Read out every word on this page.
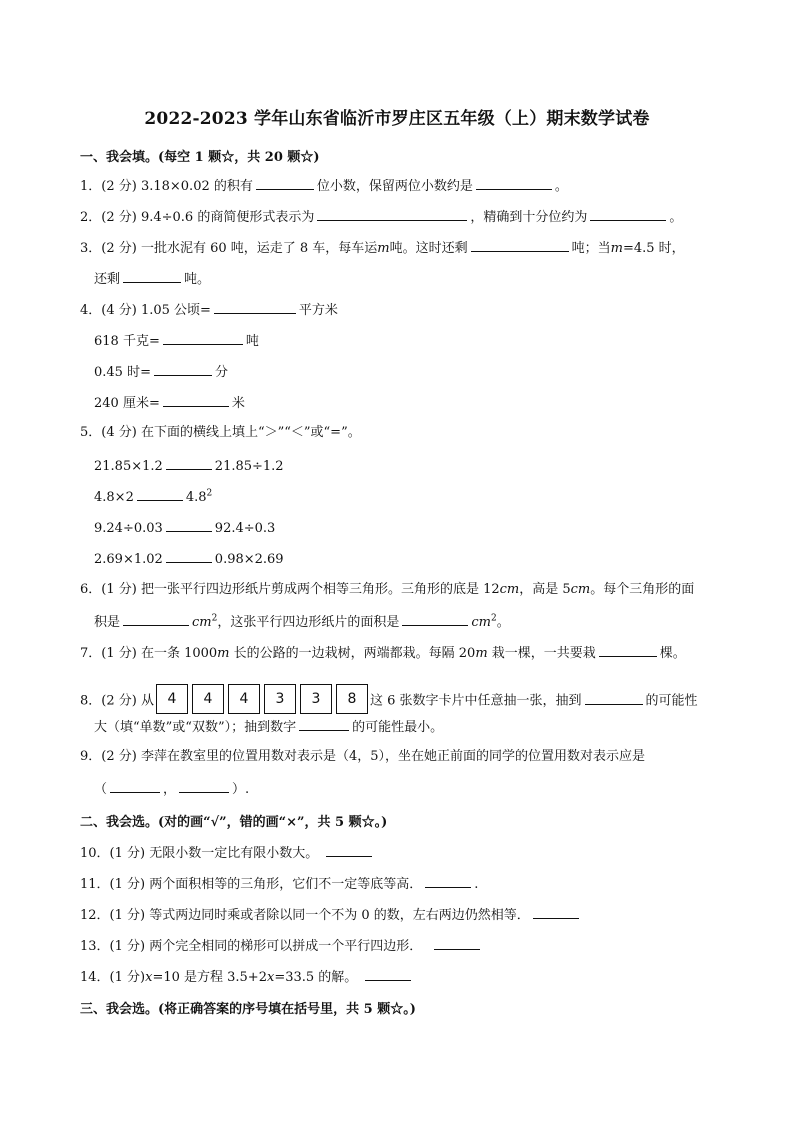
2022-2023 学年山东省临沂市罗庄区五年级（上）期末数学试卷
一、我会填。(每空 1 颗☆，共 20 颗☆)
1．(2 分) 3.18×0.02 的积有	位小数，保留两位小数约是	。
2．(2 分) 9.4÷0.6 的商简便形式表示为	，精确到十分位约为	。
3．(2 分) 一批水泥有 60 吨，运走了 8 车，每车运m吨。这时还剩	吨；当m=4.5 时，
还剩	吨。
4．(4 分) 1.05 公顷=	平方米
618 千克=	吨
0.45 时=	分
240 厘米=	米
5．(4 分) 在下面的横线上填上“＞”“＜”或“=”。
21.85×1.2	21.85÷1.2
4.8×2	$4.8^2$
9.24÷0.03	92.4÷0.3
2.69×1.02	0.98×2.69
6．(1 分) 把一张平行四边形纸片剪成两个相等三角形。三角形的底是 12cm，高是 5cm。每个三角形的面
积是	$cm^2$，这张平行四边形纸片的面积是	$cm^2$。
7．(1 分) 在一条 1000m 长的公路的一边栽树，两端都栽。每隔 20m 栽一棵，一共要栽	棵。
8．(2 分) 从 4	4	4	3	3	8	这 6 张数字卡片中任意抽一张，抽到	的可能性
大（填“单数”或“双数”）；抽到数字	的可能性最小。
9．(2 分) 李萍在教室里的位置用数对表示是（4，5），坐在她正前面的同学的位置用数对表示应是
（	，	）.
二、我会选。(对的画“√”，错的画“×”，共 5 颗☆。)
10．(1 分) 无限小数一定比有限小数大。
11．(1 分) 两个面积相等的三角形，它们不一定等底等高．	.
12．(1 分) 等式两边同时乘或者除以同一个不为 0 的数，左右两边仍然相等．
13．(1 分) 两个完全相同的梯形可以拼成一个平行四边形．
14．(1 分)x=10 是方程 3.5+2x=33.5 的解。
三、我会选。(将正确答案的序号填在括号里，共 5 颗☆。)
